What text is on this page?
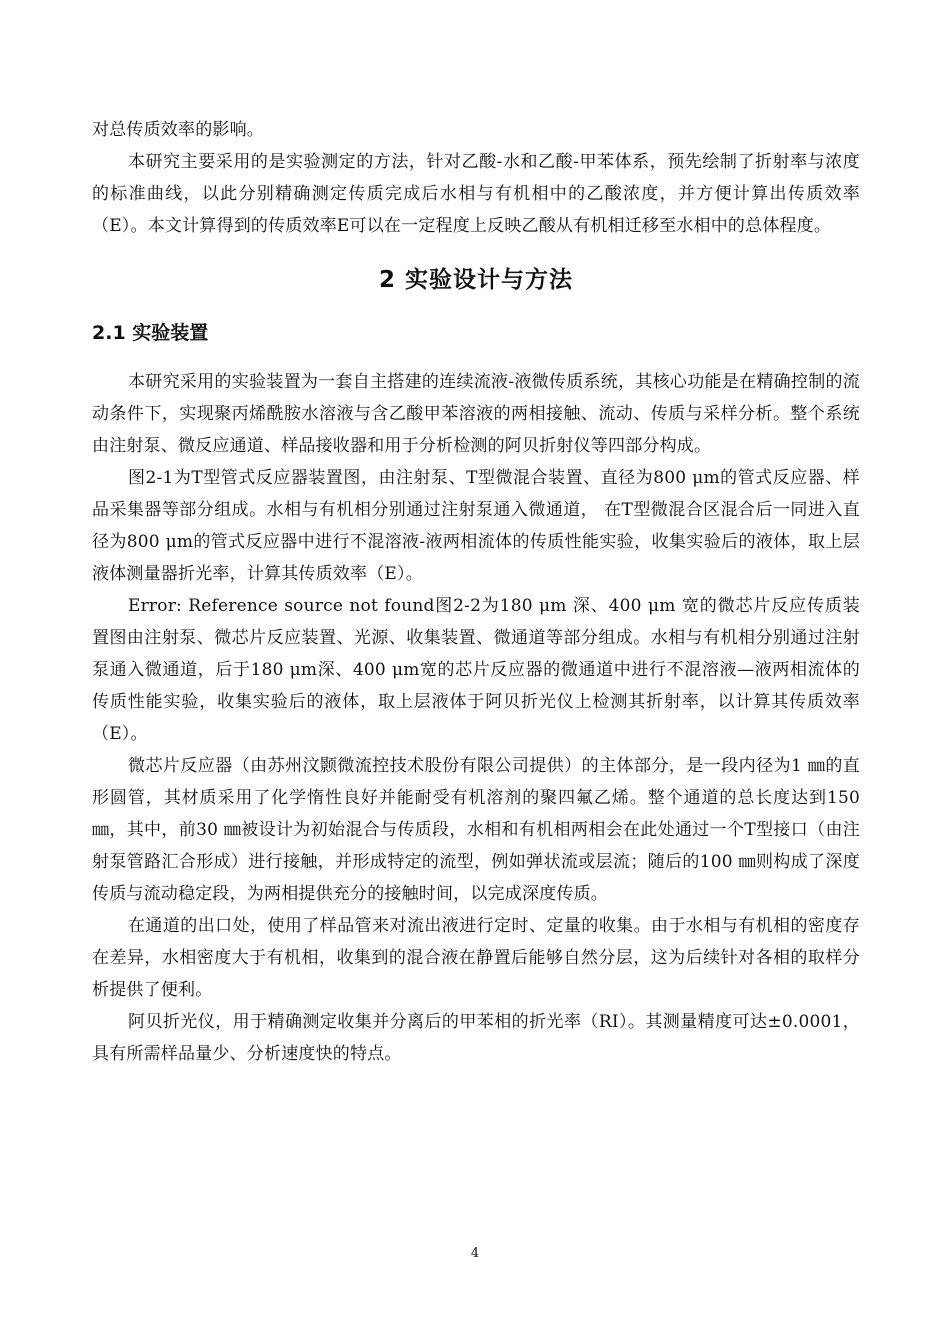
对总传质效率的影响。

本研究主要采用的是实验测定的方法，针对乙酸-水和乙酸-甲苯体系，预先绘制了折射率与浓度的标准曲线，以此分别精确测定传质完成后水相与有机相中的乙酸浓度，并方便计算出传质效率（E）。本文计算得到的传质效率E可以在一定程度上反映乙酸从有机相迁移至水相中的总体程度。

2 实验设计与方法
2.1 实验装置

本研究采用的实验装置为一套自主搭建的连续流液-液微传质系统，其核心功能是在精确控制的流动条件下，实现聚丙烯酰胺水溶液与含乙酸甲苯溶液的两相接触、流动、传质与采样分析。整个系统由注射泵、微反应通道、样品接收器和用于分析检测的阿贝折射仪等四部分构成。

图2-1为T型管式反应器装置图，由注射泵、T型微混合装置、直径为800 μm的管式反应器、样品采集器等部分组成。水相与有机相分别通过注射泵通入微通道， 在T型微混合区混合后一同进入直径为800 μm的管式反应器中进行不混溶液-液两相流体的传质性能实验，收集实验后的液体，取上层液体测量器折光率，计算其传质效率（E）。

Error: Reference source not found图2-2为180 μm 深、400 μm 宽的微芯片反应传质装置图由注射泵、微芯片反应装置、光源、收集装置、微通道等部分组成。水相与有机相分别通过注射泵通入微通道，后于180 μm深、400 μm宽的芯片反应器的微通道中进行不混溶液—液两相流体的传质性能实验，收集实验后的液体，取上层液体于阿贝折光仪上检测其折射率，以计算其传质效率（E）。

微芯片反应器（由苏州汶颢微流控技术股份有限公司提供）的主体部分，是一段内径为1 ㎜的直形圆管，其材质采用了化学惰性良好并能耐受有机溶剂的聚四氟乙烯。整个通道的总长度达到150 ㎜，其中，前30 ㎜被设计为初始混合与传质段，水相和有机相两相会在此处通过一个T型接口（由注射泵管路汇合形成）进行接触，并形成特定的流型，例如弹状流或层流；随后的100 ㎜则构成了深度传质与流动稳定段，为两相提供充分的接触时间，以完成深度传质。

在通道的出口处，使用了样品管来对流出液进行定时、定量的收集。由于水相与有机相的密度存在差异，水相密度大于有机相，收集到的混合液在静置后能够自然分层，这为后续针对各相的取样分析提供了便利。

阿贝折光仪，用于精确测定收集并分离后的甲苯相的折光率（RI）。其测量精度可达±0.0001，具有所需样品量少、分析速度快的特点。

4
